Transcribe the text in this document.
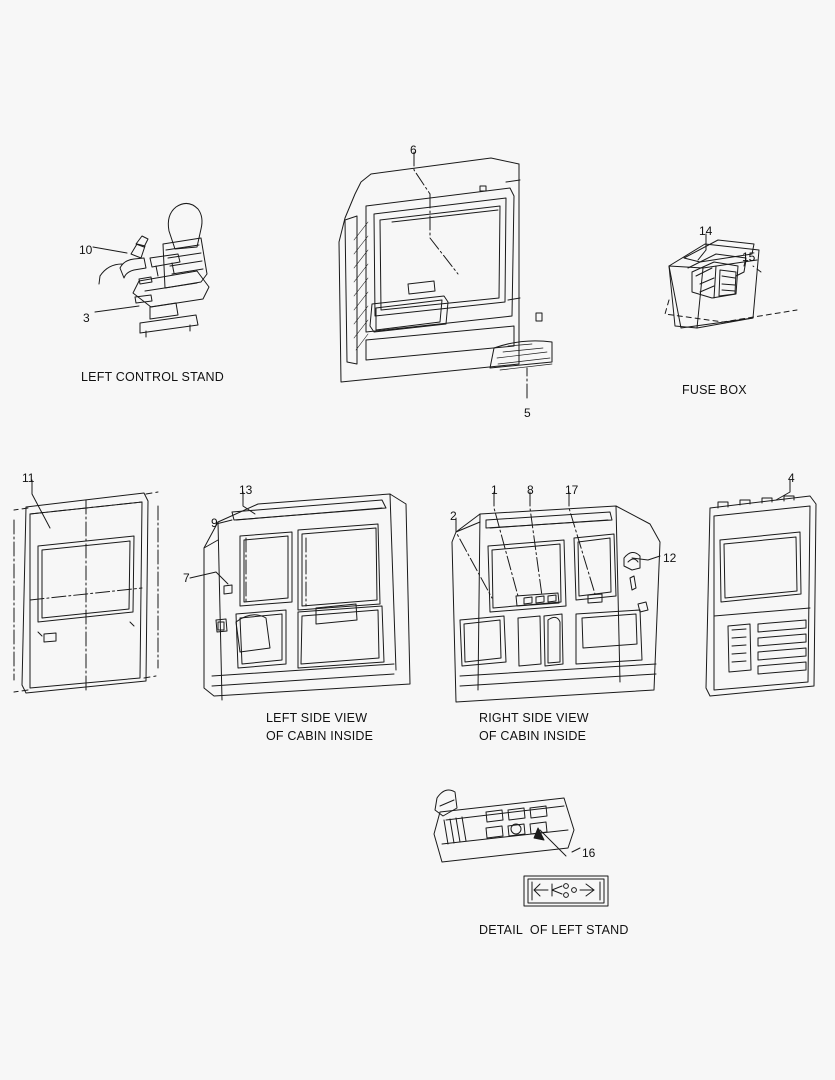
LEFT CONTROL STAND
FUSE BOX
LEFT SIDE VIEW
OF CABIN INSIDE
RIGHT SIDE VIEW
OF CABIN INSIDE
DETAIL  OF LEFT STAND
10
3
6
5
14
15
11
13
9
7
1 8	17
2
12
4
16
